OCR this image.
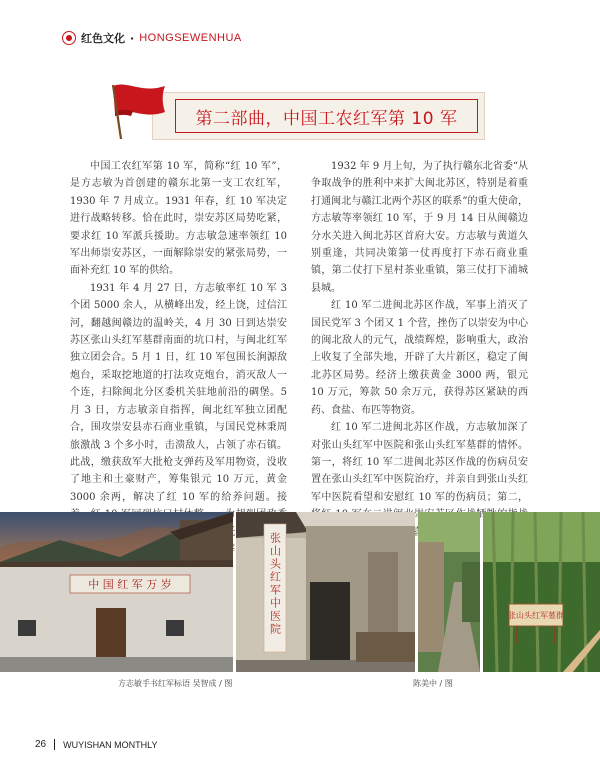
红色文化 · HONGSEWENHUA
第二部曲，中国工农红军第 10 军

中国工农红军第 10 军，简称“红 10 军”，是方志敏为首创建的赣东北第一支工农红军，1930 年 7 月成立。1931 年春，红 10 军决定进行战略转移。恰在此时，崇安苏区局势吃紧，要求红 10 军派兵援助。方志敏急速率领红 10 军出师崇安苏区，一面解除崇安的紧张局势，一面补充红 10 军的供给。

1931 年 4 月 27 日，方志敏率红 10 军 3 个团 5000 余人，从横峰出发，经上饶，过信江河，翻越闽赣边的温岭关，4 月 30 日到达崇安苏区张山头红军墓群南面的坑口村，与闽北红军独立团会合。5 月 1 日，红 10 军包围长涧源敌炮台，采取挖地道的打法攻克炮台，消灭敌人一个连，扫除闽北分区委机关驻地前沿的碉堡。5 月 3 日，方志敏亲自指挥，闽北红军独立团配合，围攻崇安县赤石商业重镇，与国民党林秉周旅激战 3 个多小时，击溃敌人，占领了赤石镇。此战，缴获敌军大批枪支弹药及军用物资，没收了地主和土豪财产，筹集银元 10 万元，黄金 3000 余两，解决了红 10 军的给养问题。接

1932 年 9 月上旬，为了执行赣东北省委“从争取战争的胜利中来扩大闽北苏区，特别是着重打通闽北与赣江北两个苏区的联系”的重大使命，方志敏等率领红 10 军，于 9 月 14 日从闽赣边分水关进入闽北苏区首府大安。方志敏与黄道久别重逢，共同决策第一仗再度打下赤石商业重镇，第二仗打下星村茶业重镇，第三仗打下浦城县城。

红 10 军二进闽北苏区作战，军事上消灭了国民党军 3 个团又 1 个营，挫伤了以崇安为中心的闽北敌人的元气，战绩辉煌，影响重大，政治上收复了全部失地，开辟了大片新区，稳定了闽北苏区局势。经济上缴获黄金 3000 两，银元 10 万元，筹款 50 余万元，获得苏区紧缺的西药、食盐、布匹等物资。

红 10 军二进闽北苏区作战，方志敏加深了对张山头红军中医院和张山头红军墓群的情怀。第一，将红 10 军二进闽北苏区作战的伤病员安置在张山头红军中医院治疗，并亲自到张山头红军中医院看望和安慰红 10 军的伤病员；第二，

中 国 红 军 万 岁	张山头红军中医院	张山头红军墓群
方志敏手书红军标语 吴智成 / 图	陈美中 / 图
26 WUYISHAN MONTHLY
